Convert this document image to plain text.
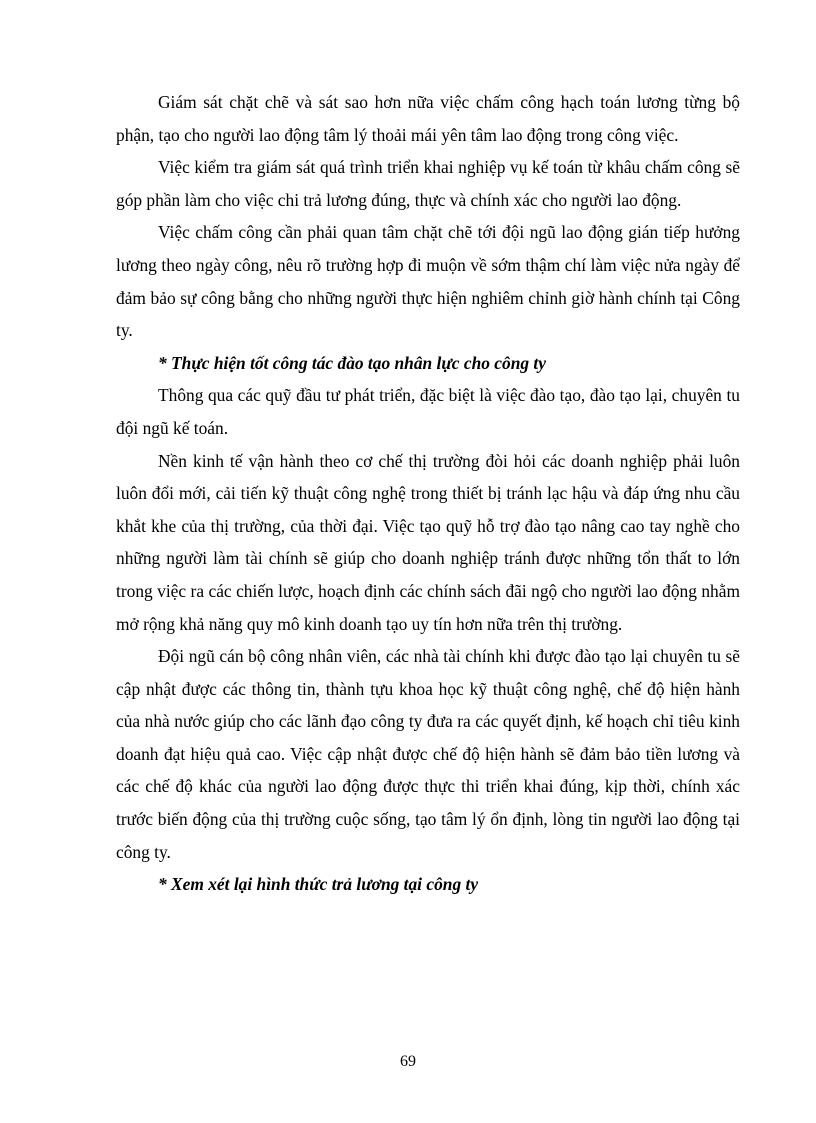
Giám sát chặt chẽ và sát sao hơn nữa việc chấm công hạch toán lương từng bộ phận, tạo cho người lao động tâm lý thoải mái yên tâm lao động trong công việc.

Việc kiểm tra giám sát quá trình triển khai nghiệp vụ kế toán từ khâu chấm công sẽ góp phần làm cho việc chi trả lương đúng, thực và chính xác cho người lao động.

Việc chấm công cần phải quan tâm chặt chẽ tới đội ngũ lao động gián tiếp hưởng lương theo ngày công, nêu rõ trường hợp đi muộn về sớm thậm chí làm việc nửa ngày để đảm bảo sự công bằng cho những người thực hiện nghiêm chỉnh giờ hành chính tại Công ty.

* Thực hiện tốt công tác đào tạo nhân lực cho công ty

Thông qua các quỹ đầu tư phát triển, đặc biệt là việc đào tạo, đào tạo lại, chuyên tu đội ngũ kế toán.

Nền kinh tế vận hành theo cơ chế thị trường đòi hỏi các doanh nghiệp phải luôn luôn đổi mới, cải tiến kỹ thuật công nghệ trong thiết bị tránh lạc hậu và đáp ứng nhu cầu khắt khe của thị trường, của thời đại. Việc tạo quỹ hỗ trợ đào tạo nâng cao tay nghề cho những người làm tài chính sẽ giúp cho doanh nghiệp tránh được những tổn thất to lớn trong việc ra các chiến lược, hoạch định các chính sách đãi ngộ cho người lao động nhằm mở rộng khả năng quy mô kinh doanh tạo uy tín hơn nữa trên thị trường.

Đội ngũ cán bộ công nhân viên, các nhà tài chính khi được đào tạo lại chuyên tu sẽ cập nhật được các thông tin, thành tựu khoa học kỹ thuật công nghệ, chế độ hiện hành của nhà nước giúp cho các lãnh đạo công ty đưa ra các quyết định, kế hoạch chỉ tiêu kinh doanh đạt hiệu quả cao. Việc cập nhật được chế độ hiện hành sẽ đảm bảo tiền lương và các chế độ khác của người lao động được thực thi triển khai đúng, kịp thời, chính xác trước biến động của thị trường cuộc sống, tạo tâm lý ổn định, lòng tin người lao động tại công ty.

* Xem xét lại hình thức trả lương tại công ty

69
